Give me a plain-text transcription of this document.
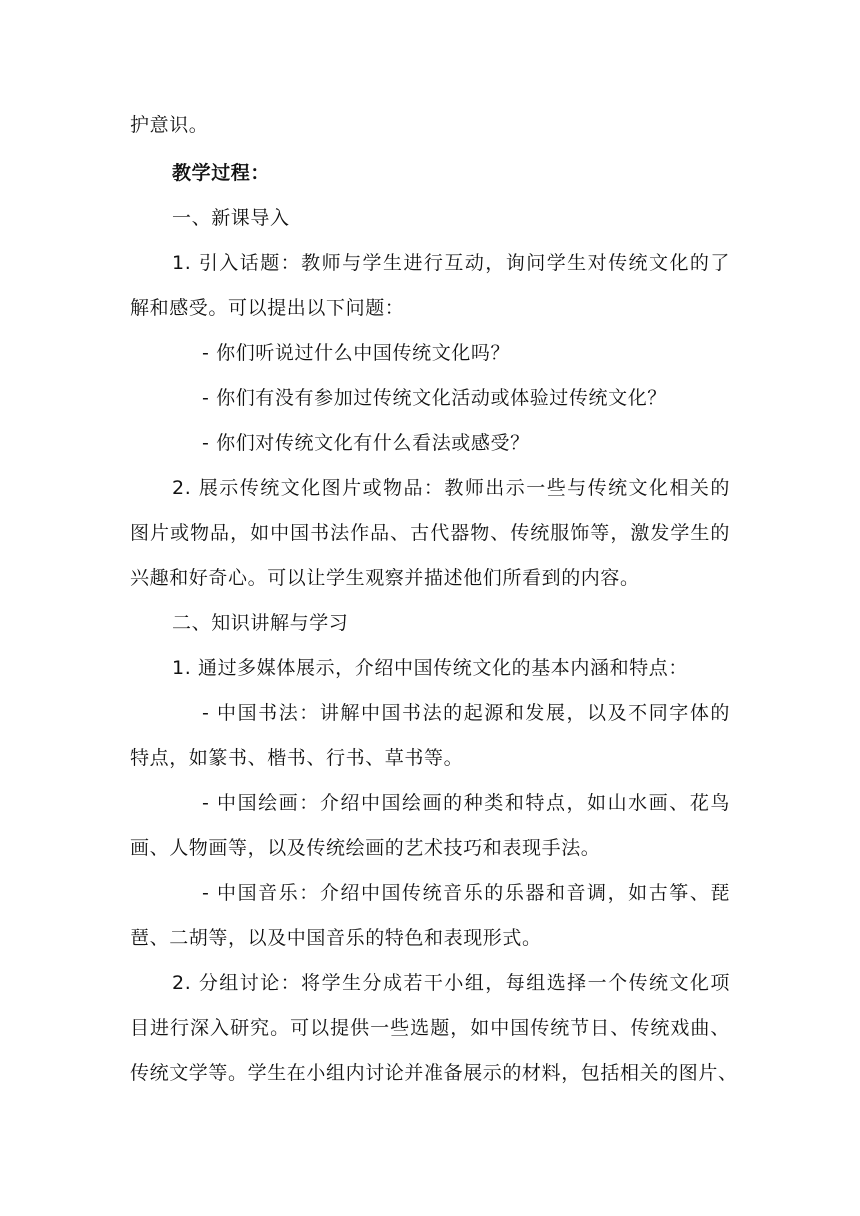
护意识。
教学过程：
一、新课导入
1. 引入话题：教师与学生进行互动，询问学生对传统文化的了
解和感受。可以提出以下问题：
- 你们听说过什么中国传统文化吗？
- 你们有没有参加过传统文化活动或体验过传统文化？
- 你们对传统文化有什么看法或感受？
2. 展示传统文化图片或物品：教师出示一些与传统文化相关的
图片或物品，如中国书法作品、古代器物、传统服饰等，激发学生的
兴趣和好奇心。可以让学生观察并描述他们所看到的内容。
二、知识讲解与学习
1. 通过多媒体展示，介绍中国传统文化的基本内涵和特点：
- 中国书法：讲解中国书法的起源和发展，以及不同字体的
特点，如篆书、楷书、行书、草书等。
- 中国绘画：介绍中国绘画的种类和特点，如山水画、花鸟
画、人物画等，以及传统绘画的艺术技巧和表现手法。
- 中国音乐：介绍中国传统音乐的乐器和音调，如古筝、琵
琶、二胡等，以及中国音乐的特色和表现形式。
2. 分组讨论：将学生分成若干小组，每组选择一个传统文化项
目进行深入研究。可以提供一些选题，如中国传统节日、传统戏曲、
传统文学等。学生在小组内讨论并准备展示的材料，包括相关的图片、
